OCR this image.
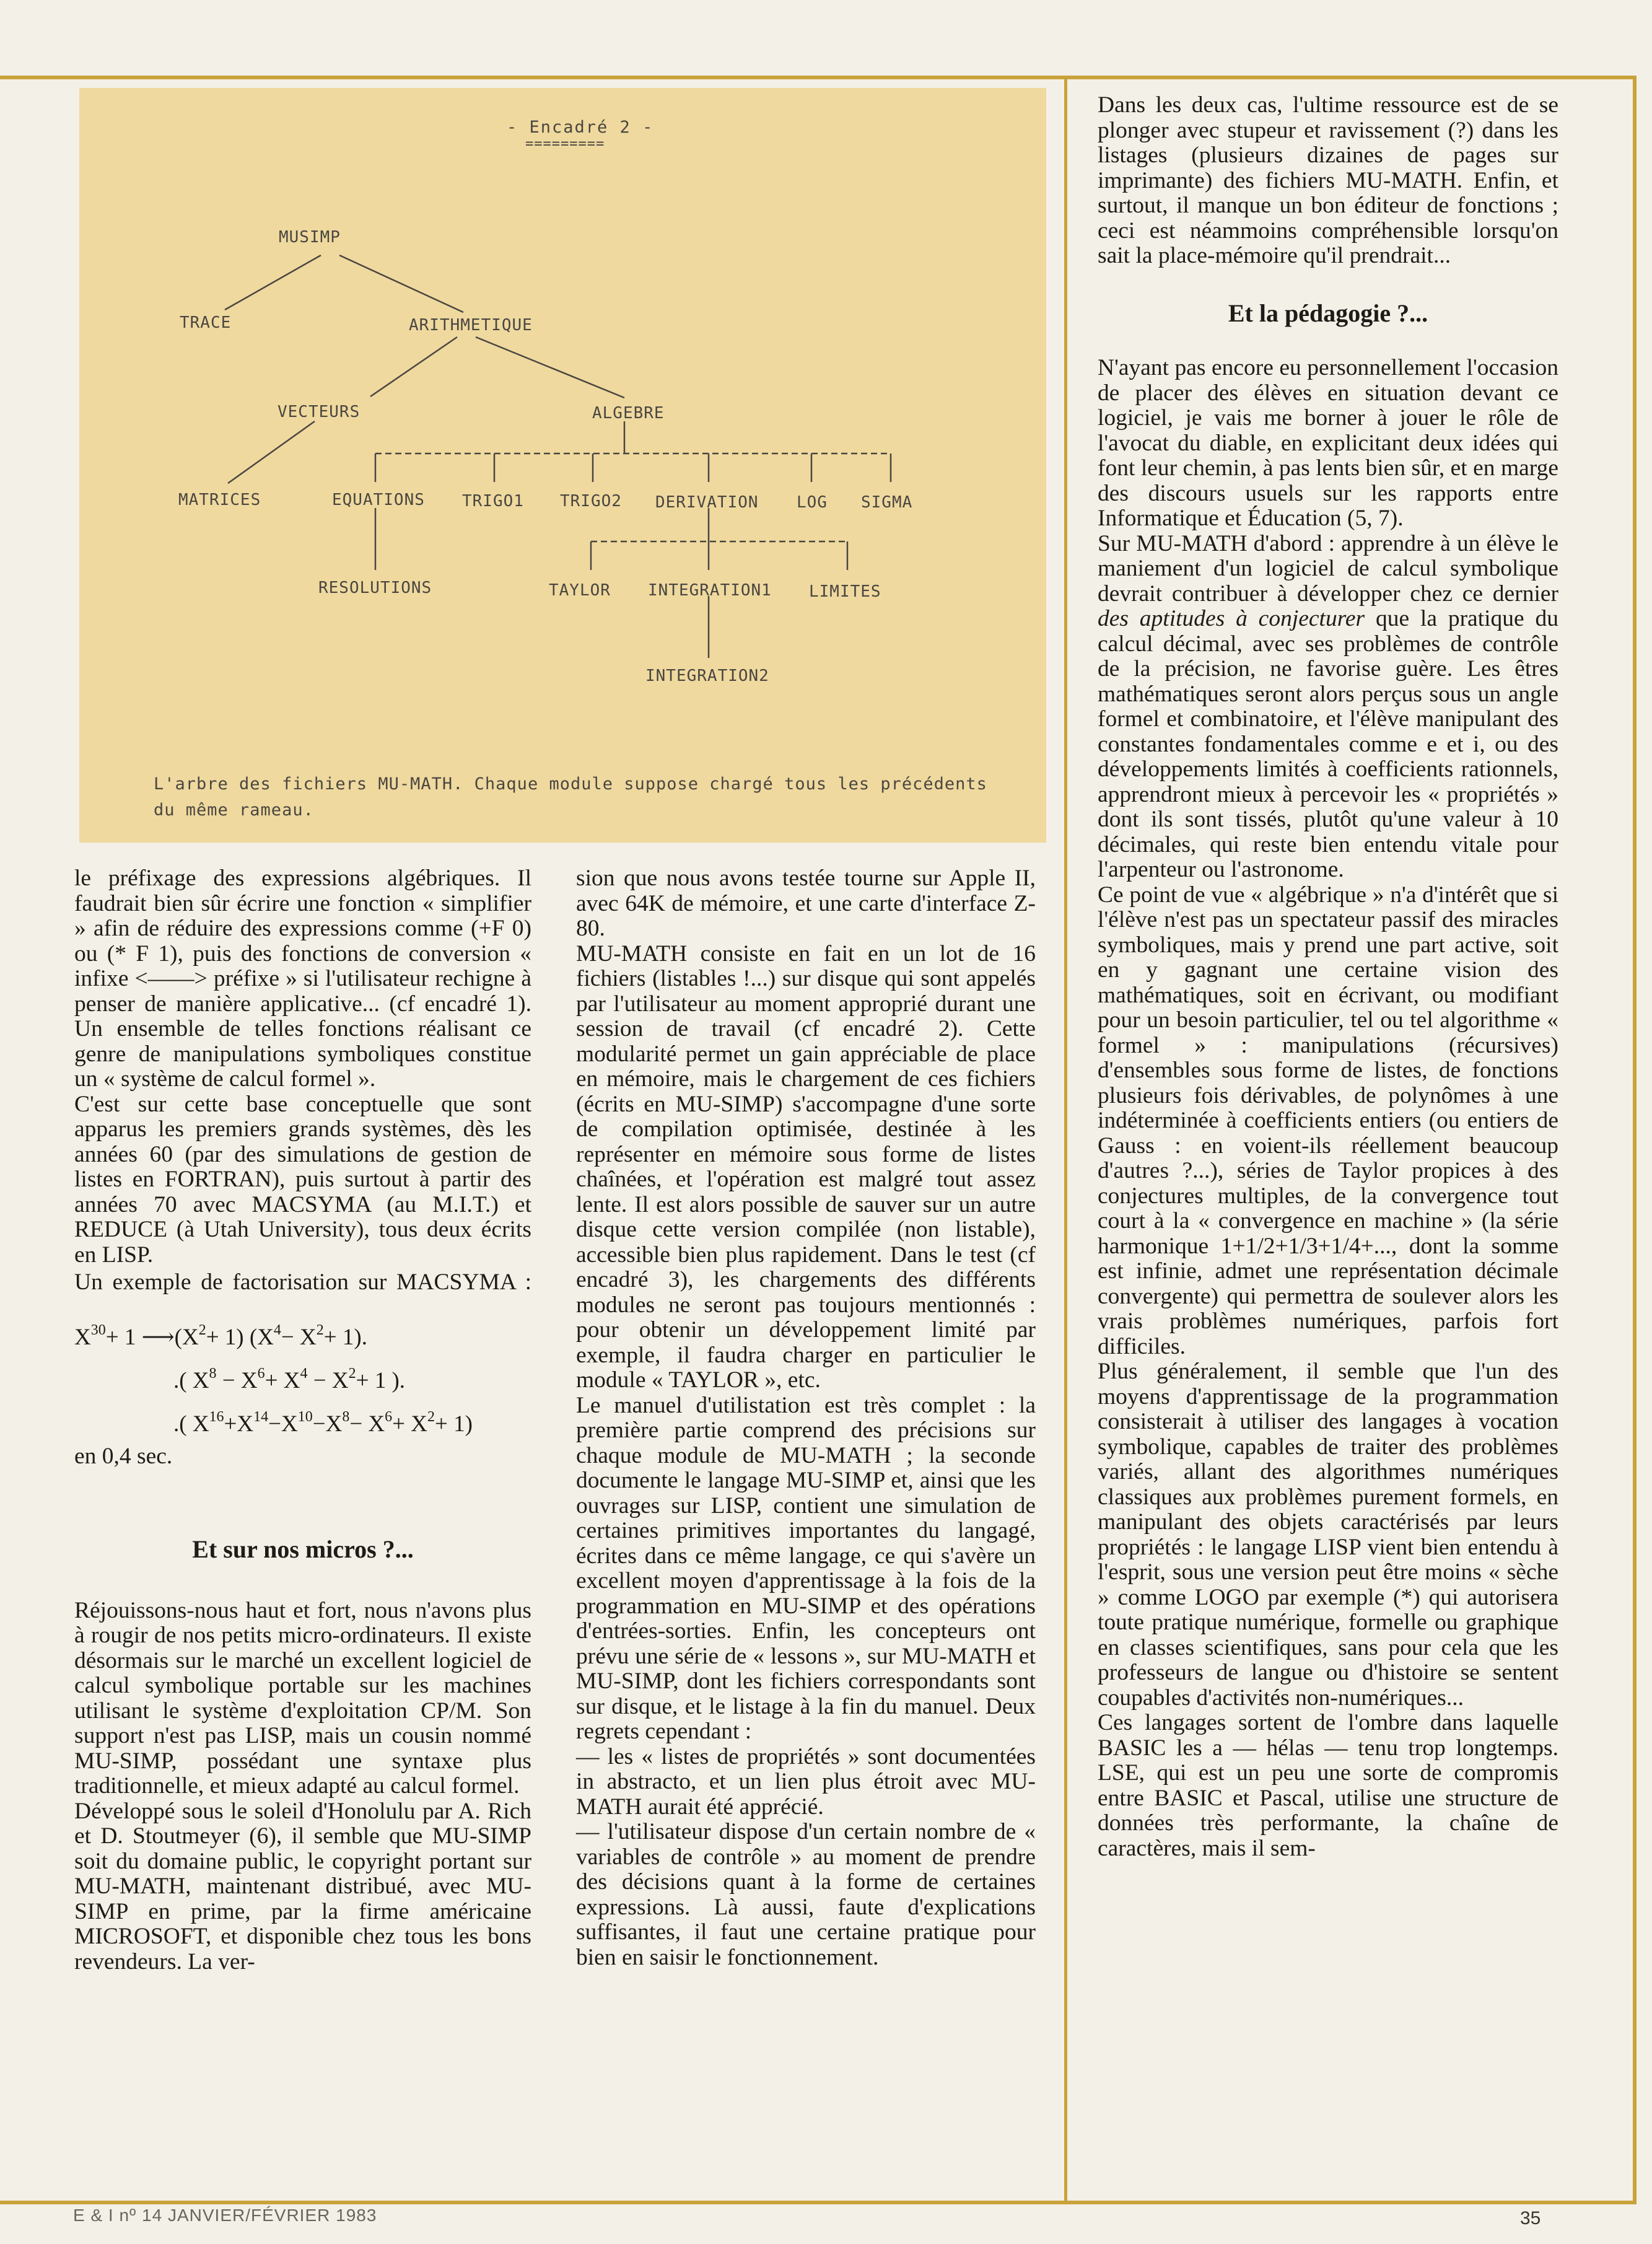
- Encadré 2 -
=========
MUSIMP
TRACE	ARITHMETIQUE
VECTEURS	ALGEBRE
MATRICES	EQUATIONS TRIGO1 TRIGO2 DERIVATION LOG SIGMA
RESOLUTIONS	TAYLOR INTEGRATION1 LIMITES
INTEGRATION2
L'arbre des fichiers MU-MATH. Chaque module suppose chargé tous les précédents du même rameau.

le préfixage des expressions algébriques. Il faudrait bien sûr écrire une fonction « simplifier » afin de réduire des expressions comme (+F 0) ou (* F 1), puis des fonctions de conversion « infixe <——> préfixe » si l'utilisateur rechigne à penser de manière applicative... (cf encadré 1). Un ensemble de telles fonctions réalisant ce genre de manipulations symboliques constitue un « système de calcul formel ».

C'est sur cette base conceptuelle que sont apparus les premiers grands systèmes, dès les années 60 (par des simulations de gestion de listes en FORTRAN), puis surtout à partir des années 70 avec MACSYMA (au M.I.T.) et REDUCE (à Utah University), tous deux écrits en LISP.

Un exemple de factorisation sur MACSYMA :

$X^{30}+ 1$ $⟶(X^2+ 1)$ $(X^4- X^2+ 1)$.
.( $X^8 - X^6+ X^4 - X^2+ 1$ ).
.( $X^{16}+X^{14}-X^{10}-X^8- X^6+ X^2+ 1$)

en 0,4 sec.

Et sur nos micros ?...

Réjouissons-nous haut et fort, nous n'avons plus à rougir de nos petits micro-ordinateurs. Il existe désormais sur le marché un excellent logiciel de calcul symbolique portable sur les machines utilisant le système d'exploitation CP/M. Son support n'est pas LISP, mais un cousin nommé MU-SIMP, possédant une syntaxe plus traditionnelle, et mieux adapté au calcul formel.

Développé sous le soleil d'Honolulu par A. Rich et D. Stoutmeyer (6), il semble que MU-SIMP soit du domaine public, le copyright portant sur MU-MATH, maintenant distribué, avec MU-SIMP en prime, par la firme américaine MICROSOFT, et disponible chez tous les bons revendeurs. La ver-

sion que nous avons testée tourne sur Apple II, avec 64K de mémoire, et une carte d'interface Z-80.

MU-MATH consiste en fait en un lot de 16 fichiers (listables !...) sur disque qui sont appelés par l'utilisateur au moment approprié durant une session de travail (cf encadré 2). Cette modularité permet un gain appréciable de place en mémoire, mais le chargement de ces fichiers (écrits en MU-SIMP) s'accompagne d'une sorte de compilation optimisée, destinée à les représenter en mémoire sous forme de listes chaînées, et l'opération est malgré tout assez lente. Il est alors possible de sauver sur un autre disque cette version compilée (non listable), accessible bien plus rapidement. Dans le test (cf encadré 3), les chargements des différents modules ne seront pas toujours mentionnés : pour obtenir un développement limité par exemple, il faudra charger en particulier le module « TAYLOR », etc.

Le manuel d'utilistation est très complet : la première partie comprend des précisions sur chaque module de MU-MATH ; la seconde documente le langage MU-SIMP et, ainsi que les ouvrages sur LISP, contient une simulation de certaines primitives importantes du langagé, écrites dans ce même langage, ce qui s'avère un excellent moyen d'apprentissage à la fois de la programmation en MU-SIMP et des opérations d'entrées-sorties. Enfin, les concepteurs ont prévu une série de « lessons », sur MU-MATH et MU-SIMP, dont les fichiers correspondants sont sur disque, et le listage à la fin du manuel. Deux regrets cependant :

— les « listes de propriétés » sont documentées in abstracto, et un lien plus étroit avec MU-MATH aurait été apprécié.

— l'utilisateur dispose d'un certain nombre de « variables de contrôle » au moment de prendre des décisions quant à la forme de certaines expressions. Là aussi, faute d'explications suffisantes, il faut une certaine pratique pour bien en saisir le fonctionnement.

Dans les deux cas, l'ultime ressource est de se plonger avec stupeur et ravissement (?) dans les listages (plusieurs dizaines de pages sur imprimante) des fichiers MU-MATH. Enfin, et surtout, il manque un bon éditeur de fonctions ; ceci est néammoins compréhensible lorsqu'on sait la place-mémoire qu'il prendrait...

Et la pédagogie ?...

N'ayant pas encore eu personnellement l'occasion de placer des élèves en situation devant ce logiciel, je vais me borner à jouer le rôle de l'avocat du diable, en explicitant deux idées qui font leur chemin, à pas lents bien sûr, et en marge des discours usuels sur les rapports entre Informatique et Éducation (5, 7).

Sur MU-MATH d'abord : apprendre à un élève le maniement d'un logiciel de calcul symbolique devrait contribuer à développer chez ce dernier des aptitudes à conjecturer que la pratique du calcul décimal, avec ses problèmes de contrôle de la précision, ne favorise guère. Les êtres mathématiques seront alors perçus sous un angle formel et combinatoire, et l'élève manipulant des constantes fondamentales comme e et i, ou des développements limités à coefficients rationnels, apprendront mieux à percevoir les « propriétés » dont ils sont tissés, plutôt qu'une valeur à 10 décimales, qui reste bien entendu vitale pour l'arpenteur ou l'astronome.

Ce point de vue « algébrique » n'a d'intérêt que si l'élève n'est pas un spectateur passif des miracles symboliques, mais y prend une part active, soit en y gagnant une certaine vision des mathématiques, soit en écrivant, ou modifiant pour un besoin particulier, tel ou tel algorithme « formel » : manipulations (récursives) d'ensembles sous forme de listes, de fonctions plusieurs fois dérivables, de polynômes à une indéterminée à coefficients entiers (ou entiers de Gauss : en voient-ils réellement beaucoup d'autres ?...), séries de Taylor propices à des conjectures multiples, de la convergence tout court à la « convergence en machine » (la série harmonique 1+1/2+1/3+1/4+..., dont la somme est infinie, admet une représentation décimale convergente) qui permettra de soulever alors les vrais problèmes numériques, parfois fort difficiles.

Plus généralement, il semble que l'un des moyens d'apprentissage de la programmation consisterait à utiliser des langages à vocation symbolique, capables de traiter des problèmes variés, allant des algorithmes numériques classiques aux problèmes purement formels, en manipulant des objets caractérisés par leurs propriétés : le langage LISP vient bien entendu à l'esprit, sous une version peut être moins « sèche » comme LOGO par exemple (*) qui autorisera toute pratique numérique, formelle ou graphique en classes scientifiques, sans pour cela que les professeurs de langue ou d'histoire se sentent coupables d'activités non-numériques...

Ces langages sortent de l'ombre dans laquelle BASIC les a — hélas — tenu trop longtemps. LSE, qui est un peu une sorte de compromis entre BASIC et Pascal, utilise une structure de données très performante, la chaîne de caractères, mais il sem-

E & I nº 14 JANVIER/FÉVRIER 1983	35
